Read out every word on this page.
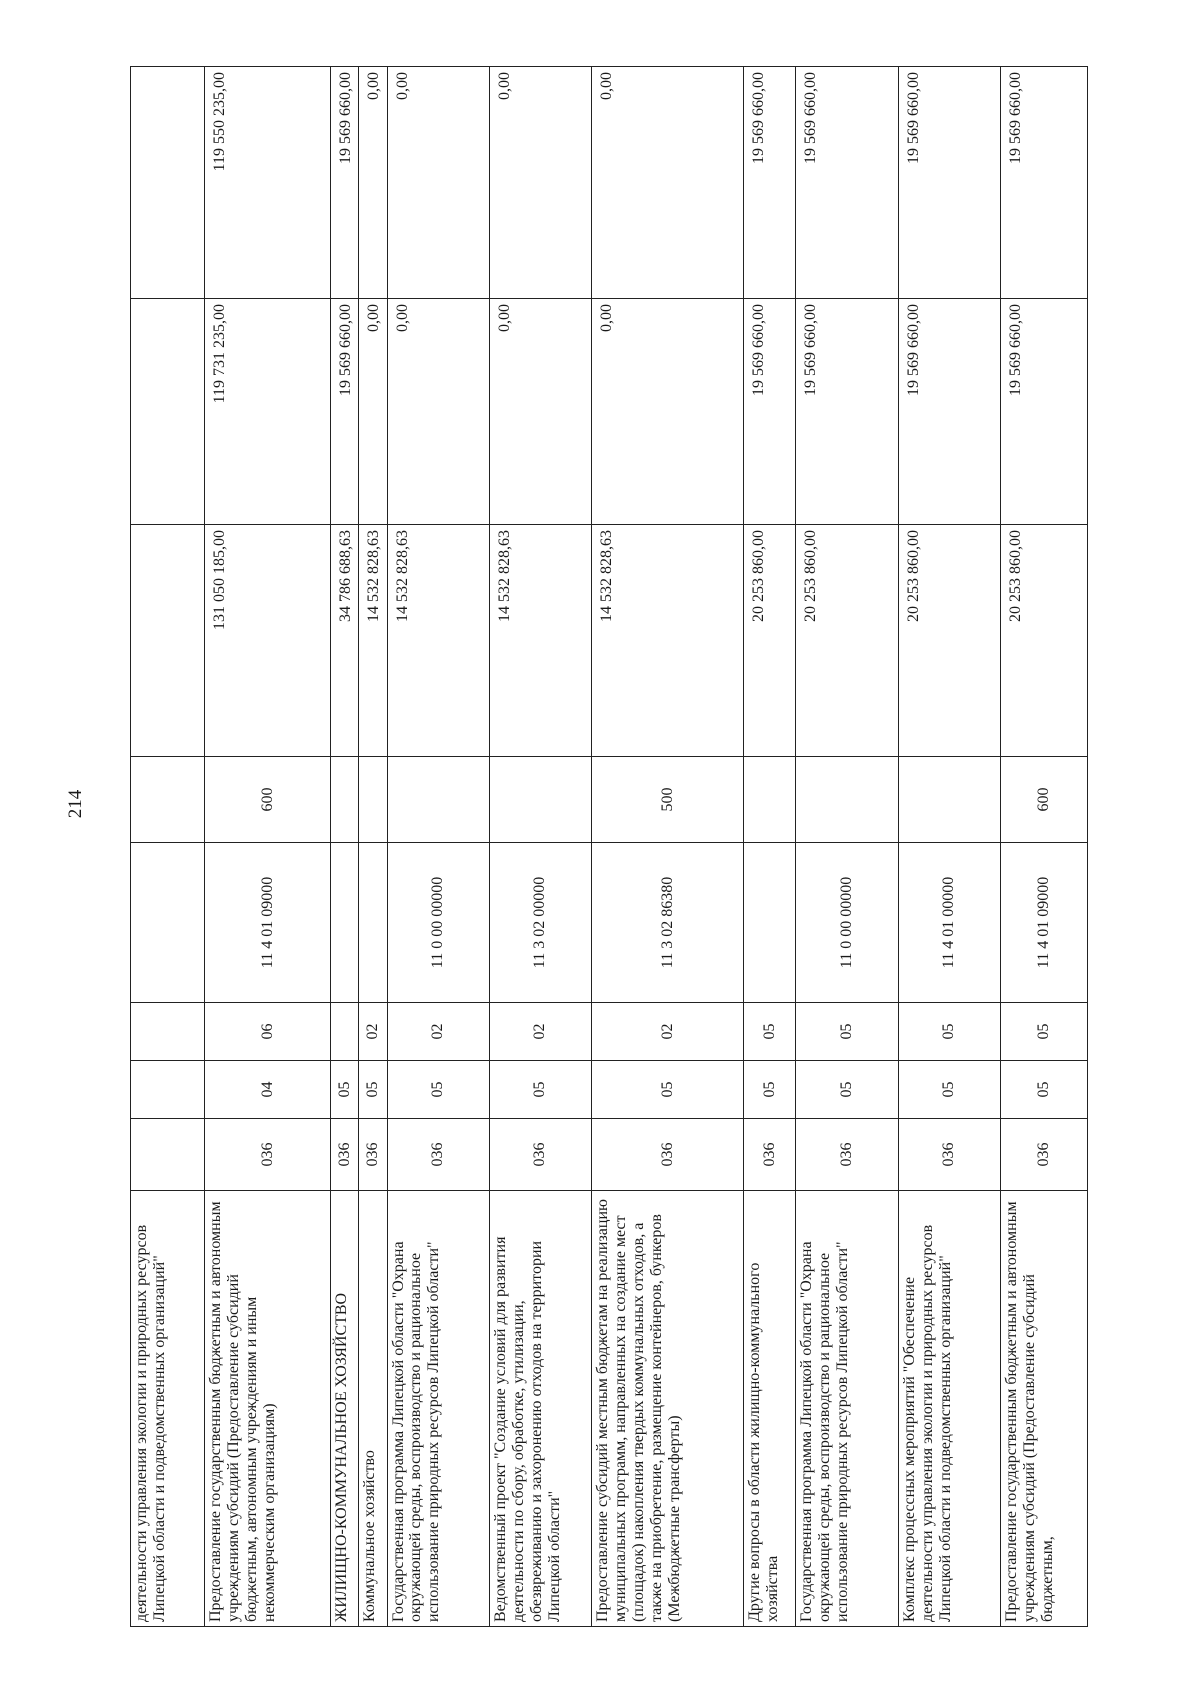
214
деятельности управления экологии и природных ресурсов Липецкой области и подведомственных организаций"								
Предоставление государственным бюджетным и автономным учреждениям субсидий (Предоставление субсидий бюджетным, автономным учреждениям и иным некоммерческим организациям)	036	04	06	11 4 01 09000	600	131 050 185,00	119 731 235,00	119 550 235,00
ЖИЛИЩНО-КОММУНАЛЬНОЕ ХОЗЯЙСТВО	036	05				34 786 688,63	19 569 660,00	19 569 660,00
Коммунальное хозяйство	036	05	02			14 532 828,63	0,00	0,00
Государственная программа Липецкой области "Охрана окружающей среды, воспроизводство и рациональное использование природных ресурсов Липецкой области"	036	05	02	11 0 00 00000		14 532 828,63	0,00	0,00
Ведомственный проект "Создание условий для развития деятельности по сбору, обработке, утилизации, обезвреживанию и захоронению отходов на территории Липецкой области"	036	05	02	11 3 02 00000		14 532 828,63	0,00	0,00
Предоставление субсидий местным бюджетам на реализацию муниципальных программ, направленных на создание мест (площадок) накопления твердых коммунальных отходов, а также на приобретение, размещение контейнеров, бункеров (Межбюджетные трансферты)	036	05	02	11 3 02 86380	500	14 532 828,63	0,00	0,00
Другие вопросы в области жилищно-коммунального хозяйства	036	05	05			20 253 860,00	19 569 660,00	19 569 660,00
Государственная программа Липецкой области "Охрана окружающей среды, воспроизводство и рациональное использование природных ресурсов Липецкой области"	036	05	05	11 0 00 00000		20 253 860,00	19 569 660,00	19 569 660,00
Комплекс процессных мероприятий "Обеспечение деятельности управления экологии и природных ресурсов Липецкой области и подведомственных организаций"	036	05	05	11 4 01 00000		20 253 860,00	19 569 660,00	19 569 660,00
Предоставление государственным бюджетным и автономным учреждениям субсидий (Предоставление субсидий бюджетным,	036	05	05	11 4 01 09000	600	20 253 860,00	19 569 660,00	19 569 660,00
